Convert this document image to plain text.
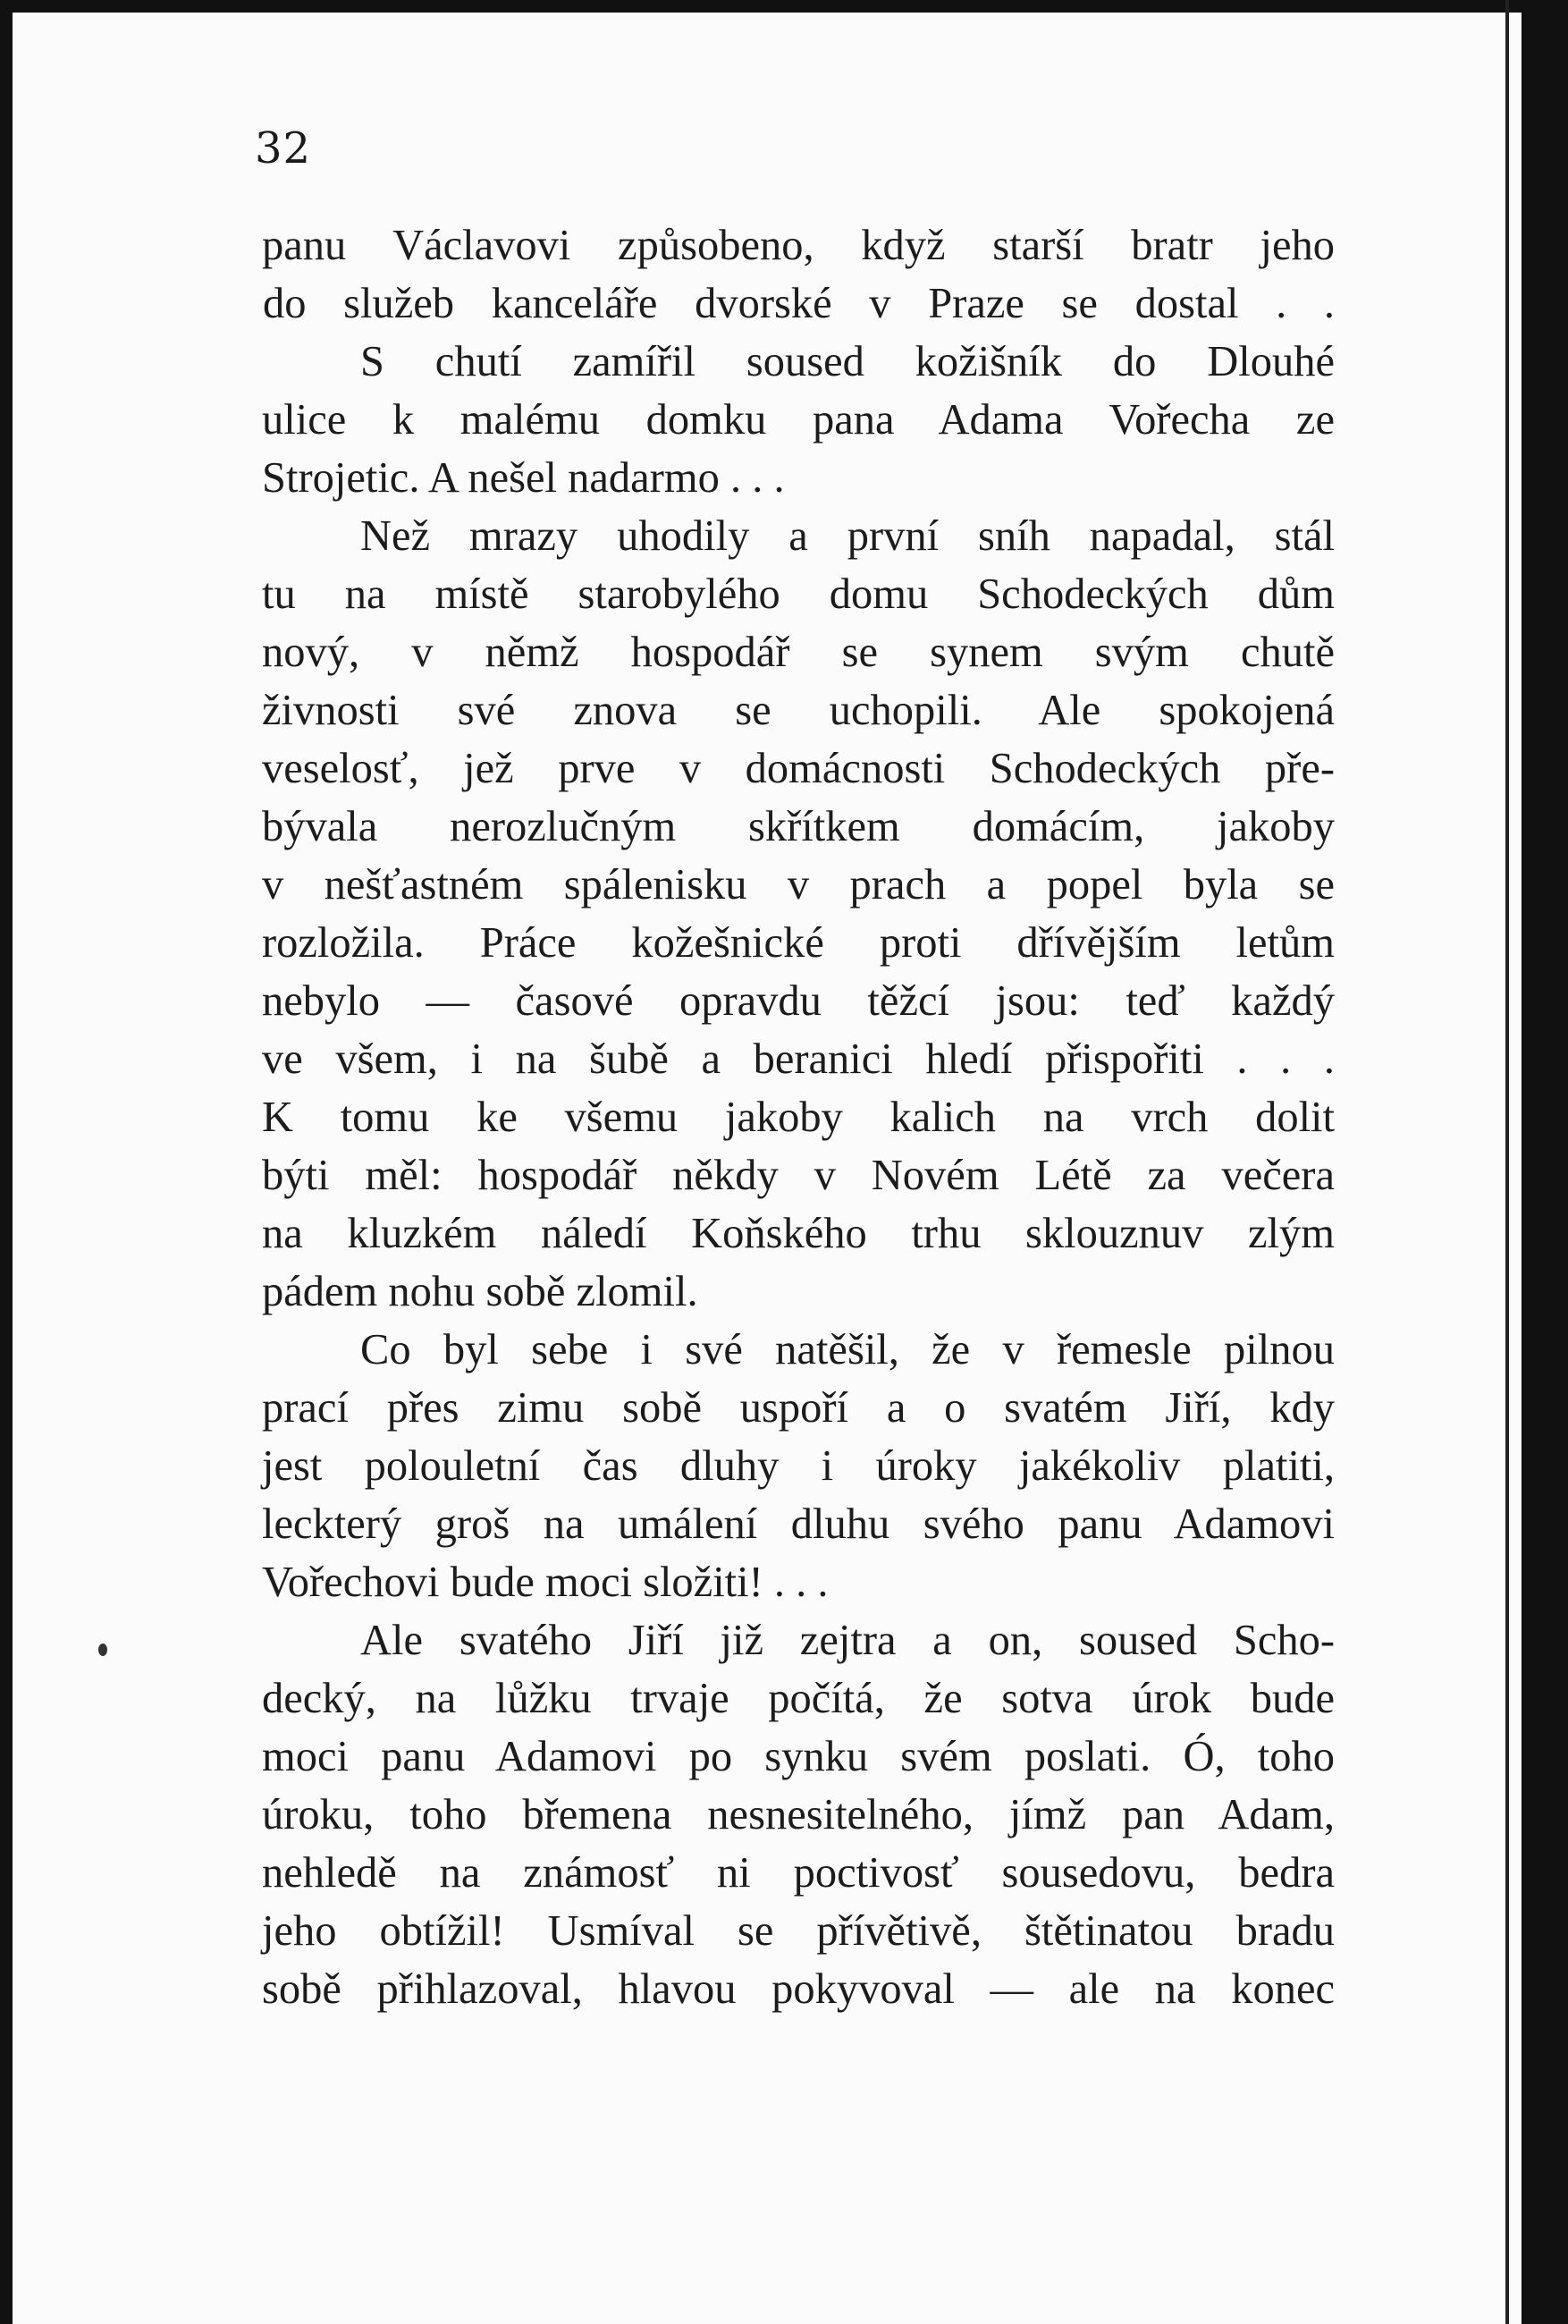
32
panu Václavovi způsobeno, když starší bratr jeho
do služeb kanceláře dvorské v Praze se dostal . .
S chutí zamířil soused kožišník do Dlouhé
ulice k malému domku pana Adama Vořecha ze
Strojetic. A nešel nadarmo . . .
Než mrazy uhodily a první sníh napadal, stál
tu na místě starobylého domu Schodeckých dům
nový, v němž hospodář se synem svým chutě
živnosti své znova se uchopili. Ale spokojená
veselosť, jež prve v domácnosti Schodeckých pře-
bývala nerozlučným skřítkem domácím, jakoby
v nešťastném spálenisku v prach a popel byla se
rozložila. Práce kožešnické proti dřívějším letům
nebylo — časové opravdu těžcí jsou: teď každý
ve všem, i na šubě a beranici hledí přispořiti . . .
K tomu ke všemu jakoby kalich na vrch dolit
býti měl: hospodář někdy v Novém Létě za večera
na kluzkém náledí Koňského trhu sklouznuv zlým
pádem nohu sobě zlomil.
Co byl sebe i své natěšil, že v řemesle pilnou
prací přes zimu sobě uspoří a o svatém Jiří, kdy
jest polouletní čas dluhy i úroky jakékoliv platiti,
leckterý groš na umálení dluhu svého panu Adamovi
Vořechovi bude moci složiti! . . .
Ale svatého Jiří již zejtra a on, soused Scho-
decký, na lůžku trvaje počítá, že sotva úrok bude
moci panu Adamovi po synku svém poslati. Ó, toho
úroku, toho břemena nesnesitelného, jímž pan Adam,
nehledě na známosť ni poctivosť sousedovu, bedra
jeho obtížil! Usmíval se přívětivě, štětinatou bradu
sobě přihlazoval, hlavou pokyvoval — ale na konec
